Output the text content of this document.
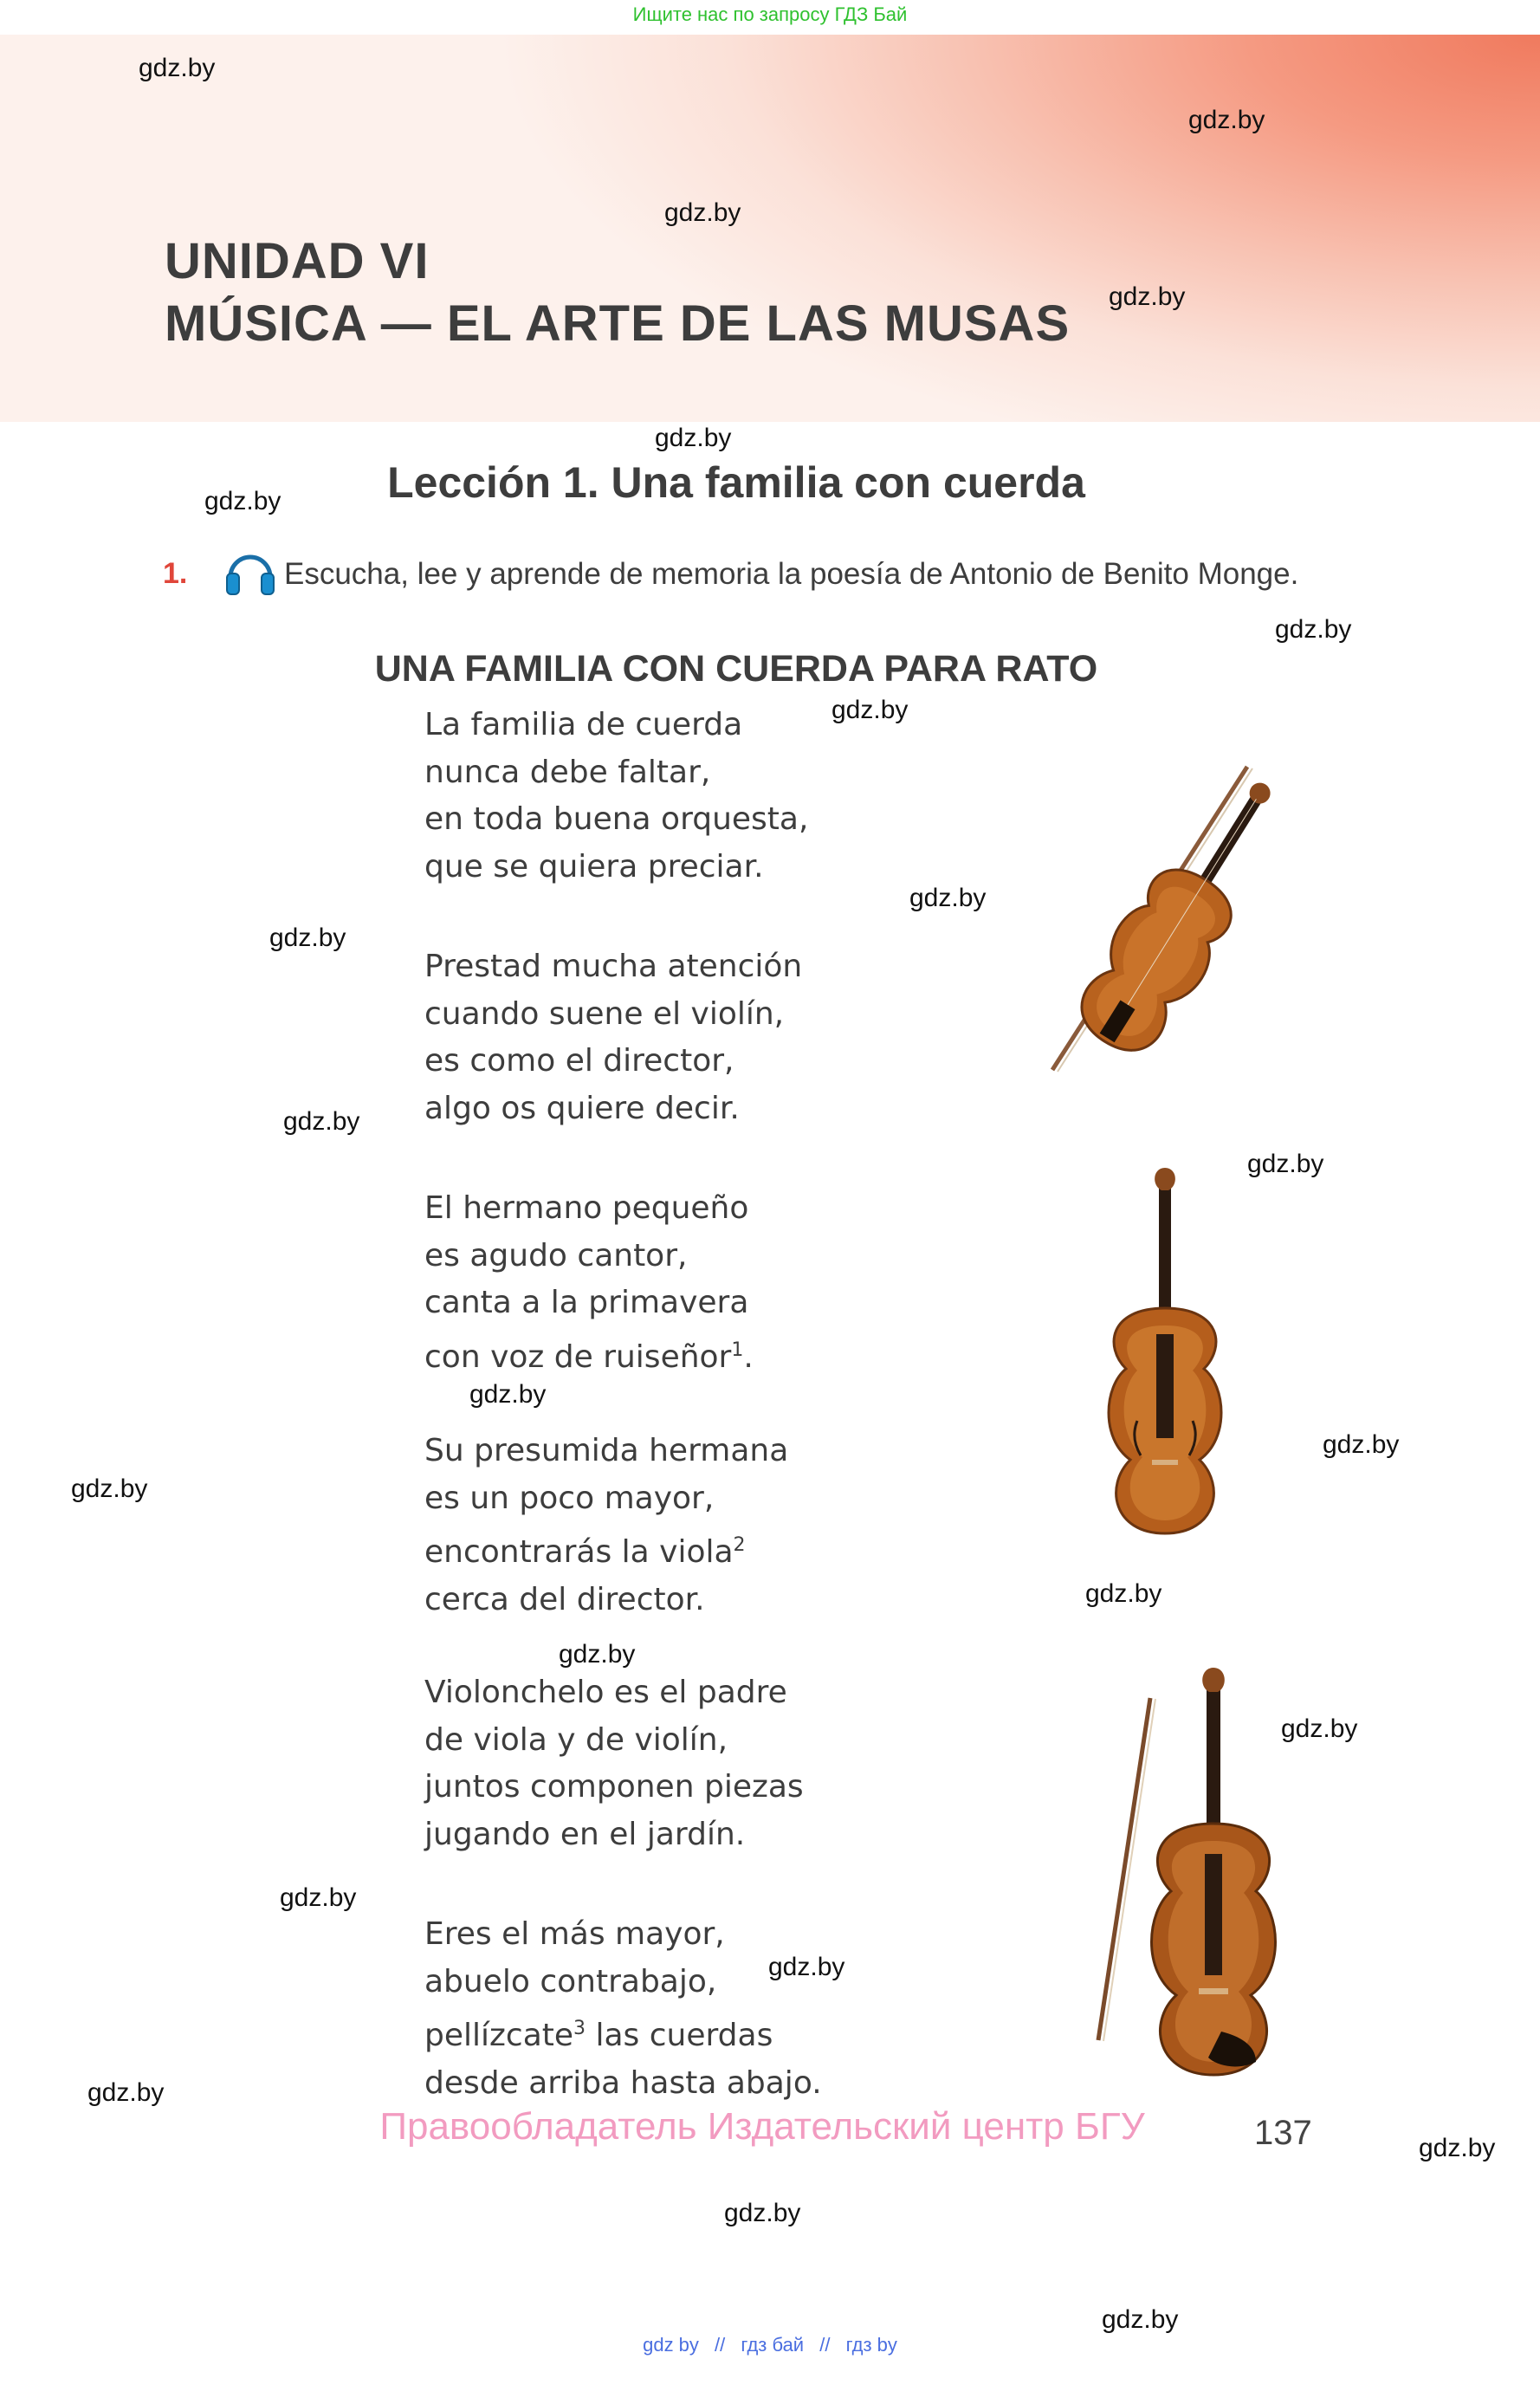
Ищите нас по запросу ГДЗ Бай
UNIDAD VI
MÚSICA — EL ARTE DE LAS MUSAS
Lección 1. Una familia con cuerda
1.	Escucha, lee y aprende de memoria la poesía de Antonio de Benito Monge.
UNA FAMILIA CON CUERDA PARA RATO
La familia de cuerda
nunca debe faltar,
en toda buena orquesta,
que se quiera preciar.
Prestad mucha atención
cuando suene el violín,
es como el director,
algo os quiere decir.
El hermano pequeño
es agudo cantor,
canta a la primavera
con voz de ruiseñor$^1$.
Su presumida hermana
es un poco mayor,
encontrarás la viola$^2$
cerca del director.
Violonchelo es el padre
de viola y de violín,
juntos componen piezas
jugando en el jardín.
Eres el más mayor,
abuelo contrabajo,
pellízcate$^3$ las cuerdas
desde arriba hasta abajo.
gdz.by
gdz.by
gdz.by
gdz.by
gdz.by
gdz.by
gdz.by
gdz.by
gdz.by
gdz.by
gdz.by
gdz.by
gdz.by
gdz.by
gdz.by
gdz.by
gdz.by
gdz.by
gdz.by
gdz.by
gdz.by
gdz.by
gdz.by
gdz.by
Правообладатель Издательский центр БГУ	137
gdz by // гдз бай // гдз by
